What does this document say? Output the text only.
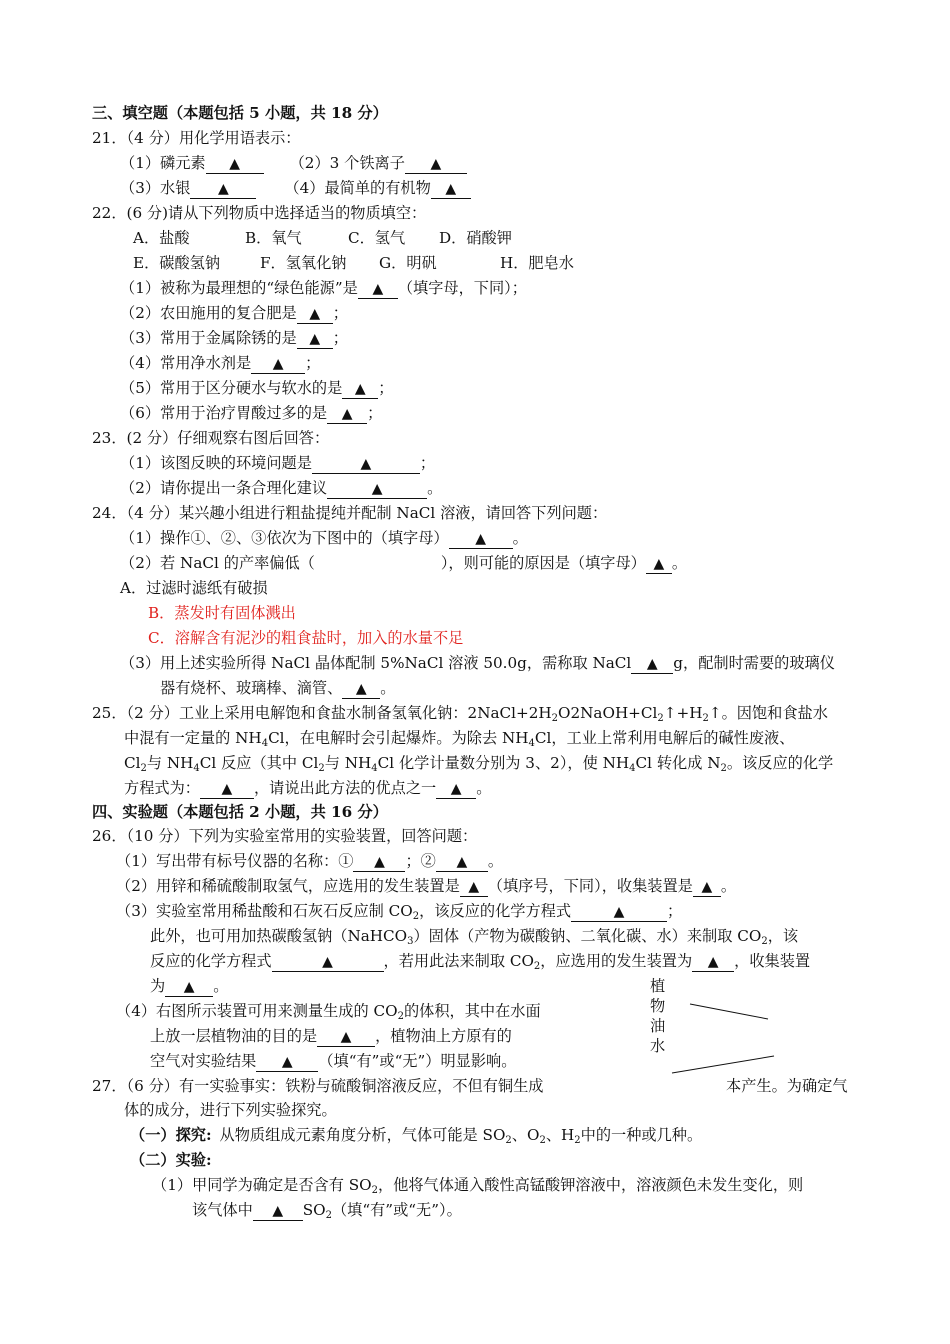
三、填空题（本题包括 5 小题，共 18 分）
21．（4 分）用化学用语表示：
（1）磷元素 ▲	（2）3 个铁离子 ▲
（3）水银 ▲	（4）最简单的有机物 ▲
22．(6 分)请从下列物质中选择适当的物质填空：
A．盐酸	B．氧气	C．氢气 D．硝酸钾
E．碳酸氢钠	F．氢氧化钠 G．明矾	H．肥皂水
（1）被称为最理想的“绿色能源”是 ▲ （填字母，下同）；
（2）农田施用的复合肥是 ▲ ；
（3）常用于金属除锈的是 ▲ ；
（4）常用净水剂是 ▲ ；
（5）常用于区分硬水与软水的是 ▲ ；
（6）常用于治疗胃酸过多的是 ▲ ；
23．(2 分）仔细观察右图后回答：
（1）该图反映的环境问题是	▲	；
（2）请你提出一条合理化建议	▲	。
24．（4 分）某兴趣小组进行粗盐提纯并配制 NaCl 溶液，请回答下列问题：
（1）操作①、②、③依次为下图中的（填字母） ▲ 。
（2）若 NaCl 的产率偏低（	），则可能的原因是（填字母） ▲ 。
A．过滤时滤纸有破损
B．蒸发时有固体溅出
C．溶解含有泥沙的粗食盐时，加入的水量不足
（3）用上述实验所得 NaCl 晶体配制 5%NaCl 溶液 50.0g，需称取 NaCl ▲ g，配制时需要的玻璃仪
器有烧杯、玻璃棒、滴管、 ▲ 。
25．（2 分）工业上采用电解饱和食盐水制备氢氧化钠：$2NaCl+2H_2O2NaOH+Cl_2↑+H_2↑$。因饱和食盐水
中混有一定量的 $NH_4Cl$，在电解时会引起爆炸。为除去 $NH_4Cl$，工业上常利用电解后的碱性废液、
$Cl_2$与 $NH_4Cl$ 反应（其中 $Cl_2$与 $NH_4Cl$ 化学计量数分别为 3、2），使 $NH_4Cl$ 转化成 $N_2$。该反应的化学
方程式为： ▲ ，请说出此方法的优点之一 ▲ 。
四、实验题（本题包括 2 小题，共 16 分）
26．（10 分）下列为实验室常用的实验装置，回答问题：
（1）写出带有标号仪器的名称：① ▲ ；② ▲ 。
（2）用锌和稀硫酸制取氢气，应选用的发生装置是 ▲ （填序号，下同），收集装置是 ▲ 。
（3）实验室常用稀盐酸和石灰石反应制 $CO_2$，该反应的化学方程式	▲	；
此外，也可用加热碳酸氢钠（NaHCO$_3$）固体（产物为碳酸钠、二氧化碳、水）来制取 $CO_2$，该
反应的化学方程式	▲	，若用此法来制取 $CO_2$，应选用的发生装置为 ▲ ，收集装置
为 ▲ 。
（4）右图所示装置可用来测量生成的 $CO_2$的体积，其中在水面
上放一层植物油的目的是 ▲ ，植物油上方原有的
空气对实验结果 ▲ （填“有”或“无”）明显影响。
植
物
油
水
27．（6 分）有一实验事实：铁粉与硫酸铜溶液反应，不但有铜生成	本产生。为确定气
体的成分，进行下列实验探究。
（一）探究: 从物质组成元素角度分析，气体可能是 $SO_2$、$O_2$、$H_2$中的一种或几种。
（二）实验:
（1）甲同学为确定是否含有 $SO_2$，他将气体通入酸性高锰酸钾溶液中，溶液颜色未发生变化，则
该气体中 ▲ $SO_2$（填“有”或“无”）。
